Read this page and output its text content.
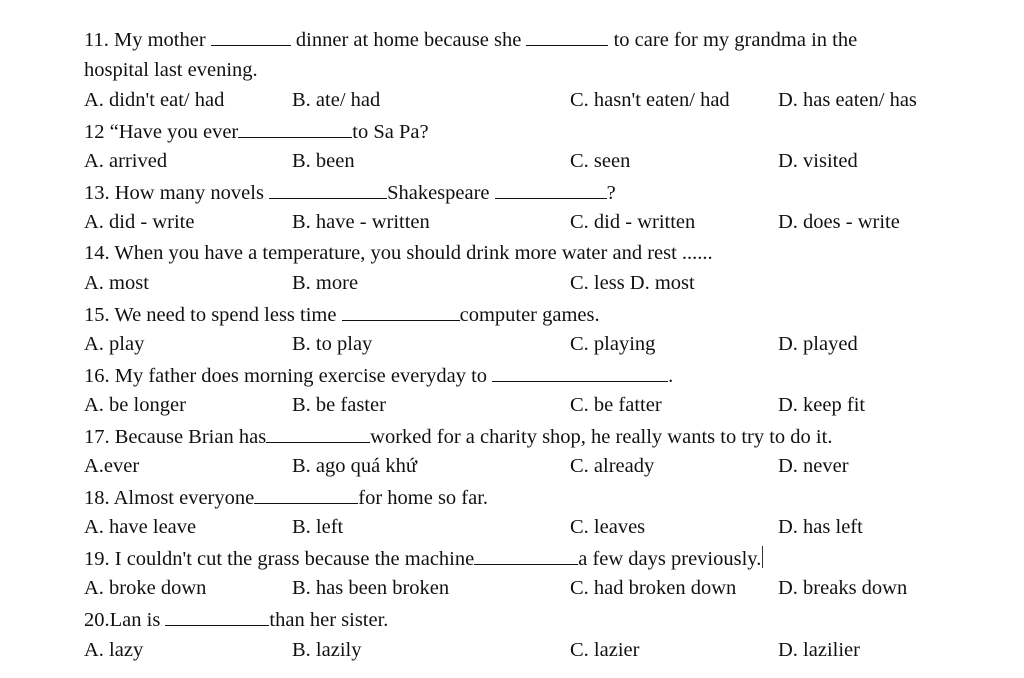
11. My mother	dinner at home because she	to care for my grandma in the
hospital last evening.
A. didn't eat/ had	B. ate/ had	C. hasn't eaten/ had D. has eaten/ has
12 “Have you ever	to Sa Pa?
A. arrived	B. been	C. seen	D. visited
13. How many novels	Shakespeare	?
A. did - write	B. have - written	C. did - written	D. does - write
14. When you have a temperature, you should drink more water and rest ......
A. most	B. more	C. less D. most
15. We need to spend less time	computer games.
A. play	B. to play	C. playing	D. played
16. My father does morning exercise everyday to	.
A. be longer	B. be faster	C. be fatter	D. keep fit
17. Because Brian has	worked for a charity shop, he really wants to try to do it.
A.ever	B. ago quá khứ	C. already	D. never
18. Almost everyone	for home so far.
A. have leave	B. left	C. leaves	D. has left
19. I couldn't cut the grass because the machine	a few days previously.
A. broke down	B. has been broken	C. had broken down D. breaks down
20.Lan is	than her sister.
A. lazy	B. lazily	C. lazier	D. lazilier
